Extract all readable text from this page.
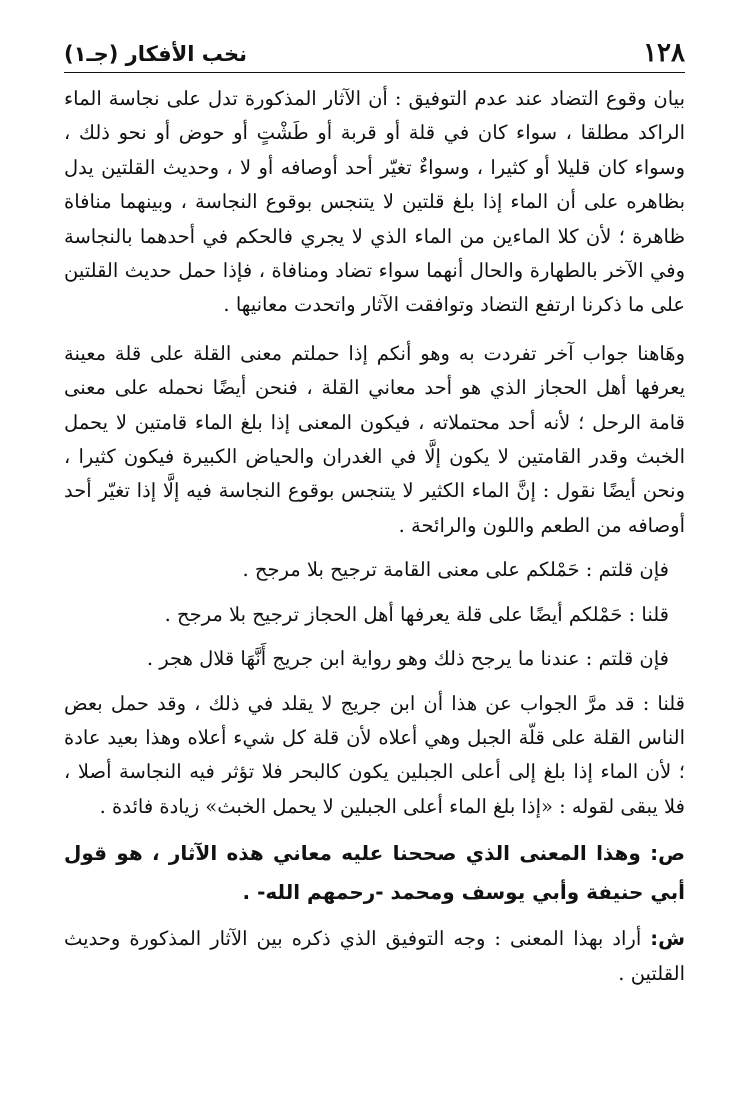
١٢٨
نخب الأفكار (جـ١)

بيان وقوع التضاد عند عدم التوفيق : أن الآثار المذكورة تدل على نجاسة الماء الراكد مطلقا ، سواء كان في قلة أو قربة أو طَشْتٍ أو حوض أو نحو ذلك ، وسواء كان قليلا أو كثيرا ، وسواءٌ تغيّر أحد أوصافه أو لا ، وحديث القلتين يدل بظاهره على أن الماء إذا بلغ قلتين لا يتنجس بوقوع النجاسة ، وبينهما منافاة ظاهرة ؛ لأن كلا الماءين من الماء الذي لا يجري فالحكم في أحدهما بالنجاسة وفي الآخر بالطهارة والحال أنهما سواء تضاد ومنافاة ، فإذا حمل حديث القلتين على ما ذكرنا ارتفع التضاد وتوافقت الآثار واتحدت معانيها .

وهَاهنا جواب آخر تفردت به وهو أنكم إذا حملتم معنى القلة على قلة معينة يعرفها أهل الحجاز الذي هو أحد معاني القلة ، فنحن أيضًا نحمله على معنى قامة الرحل ؛ لأنه أحد محتملاته ، فيكون المعنى إذا بلغ الماء قامتين لا يحمل الخبث وقدر القامتين لا يكون إلَّا في الغدران والحياض الكبيرة فيكون كثيرا ، ونحن أيضًا نقول : إنَّ الماء الكثير لا يتنجس بوقوع النجاسة فيه إلَّا إذا تغيّر أحد أوصافه من الطعم واللون والرائحة .

فإن قلتم : حَمْلكم على معنى القامة ترجيح بلا مرجح .

قلنا : حَمْلكم أيضًا على قلة يعرفها أهل الحجاز ترجيح بلا مرجح .

فإن قلتم : عندنا ما يرجح ذلك وهو رواية ابن جريج أَنَّهَا قلال هجر .

قلنا : قد مرَّ الجواب عن هذا أن ابن جريج لا يقلد في ذلك ، وقد حمل بعض الناس القلة على قلّة الجبل وهي أعلاه لأن قلة كل شيء أعلاه وهذا بعيد عادة ؛ لأن الماء إذا بلغ إلى أعلى الجبلين يكون كالبحر فلا تؤثر فيه النجاسة أصلا ، فلا يبقى لقوله : «إذا بلغ الماء أعلى الجبلين لا يحمل الخبث» زيادة فائدة .

ص: وهذا المعنى الذي صححنا عليه معاني هذه الآثار ، هو قول أبي حنيفة وأبي يوسف ومحمد -رحمهم الله- .

ش: أراد بهذا المعنى : وجه التوفيق الذي ذكره بين الآثار المذكورة وحديث القلتين .
